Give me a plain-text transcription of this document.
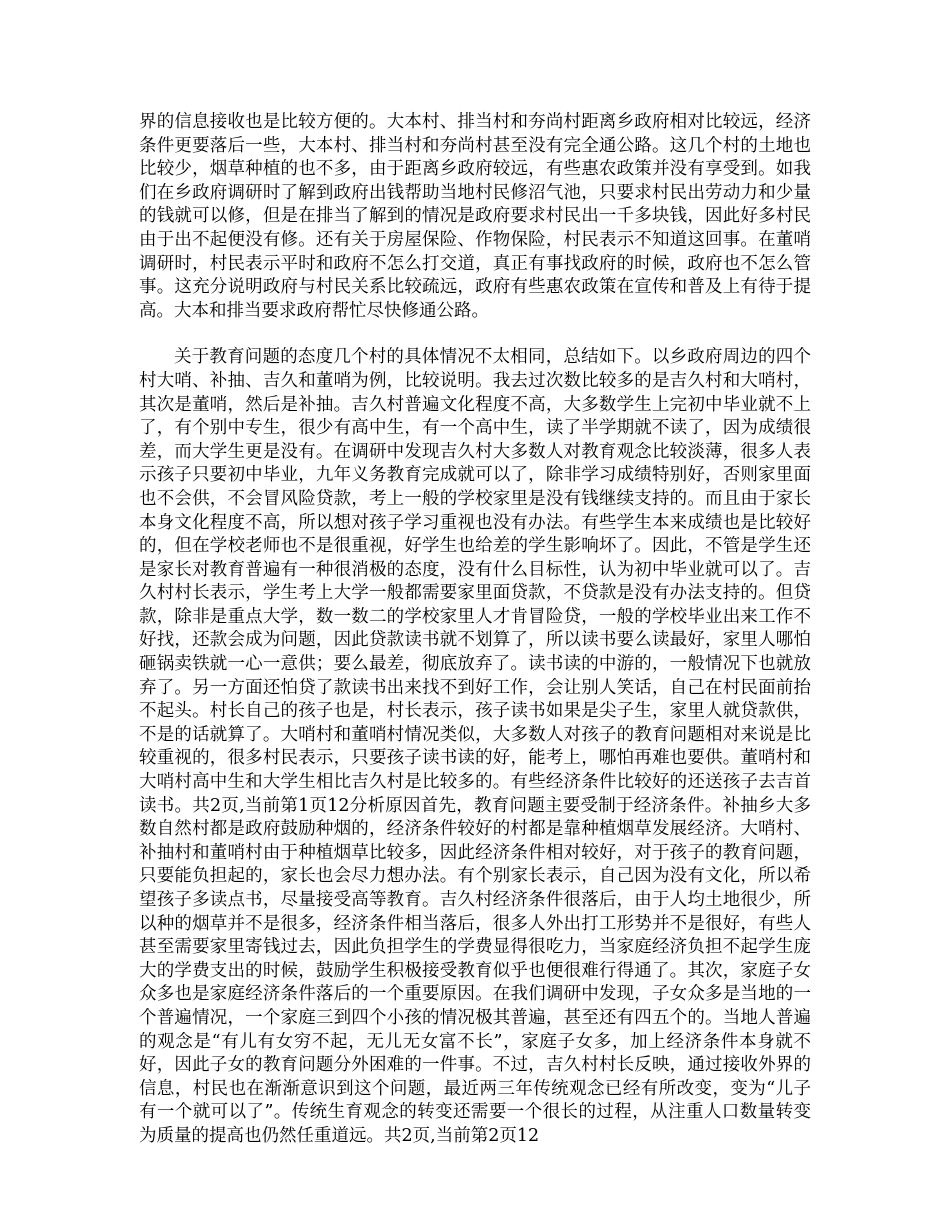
界的信息接收也是比较方便的。大本村、排当村和夯尚村距离乡政府相对比较远，经济条件更要落后一些，大本村、排当村和夯尚村甚至没有完全通公路。这几个村的土地也比较少，烟草种植的也不多，由于距离乡政府较远，有些惠农政策并没有享受到。如我们在乡政府调研时了解到政府出钱帮助当地村民修沼气池，只要求村民出劳动力和少量的钱就可以修，但是在排当了解到的情况是政府要求村民出一千多块钱，因此好多村民由于出不起便没有修。还有关于房屋保险、作物保险，村民表示不知道这回事。在董哨调研时，村民表示平时和政府不怎么打交道，真正有事找政府的时候，政府也不怎么管事。这充分说明政府与村民关系比较疏远，政府有些惠农政策在宣传和普及上有待于提高。大本和排当要求政府帮忙尽快修通公路。

关于教育问题的态度几个村的具体情况不太相同，总结如下。以乡政府周边的四个村大哨、补抽、吉久和董哨为例，比较说明。我去过次数比较多的是吉久村和大哨村，其次是董哨，然后是补抽。吉久村普遍文化程度不高，大多数学生上完初中毕业就不上了，有个别中专生，很少有高中生，有一个高中生，读了半学期就不读了，因为成绩很差，而大学生更是没有。在调研中发现吉久村大多数人对教育观念比较淡薄，很多人表示孩子只要初中毕业，九年义务教育完成就可以了，除非学习成绩特别好，否则家里面也不会供，不会冒风险贷款，考上一般的学校家里是没有钱继续支持的。而且由于家长本身文化程度不高，所以想对孩子学习重视也没有办法。有些学生本来成绩也是比较好的，但在学校老师也不是很重视，好学生也给差的学生影响坏了。因此，不管是学生还是家长对教育普遍有一种很消极的态度，没有什么目标性，认为初中毕业就可以了。吉久村村长表示，学生考上大学一般都需要家里面贷款，不贷款是没有办法支持的。但贷款，除非是重点大学，数一数二的学校家里人才肯冒险贷，一般的学校毕业出来工作不好找，还款会成为问题，因此贷款读书就不划算了，所以读书要么读最好，家里人哪怕砸锅卖铁就一心一意供；要么最差，彻底放弃了。读书读的中游的，一般情况下也就放弃了。另一方面还怕贷了款读书出来找不到好工作，会让别人笑话，自己在村民面前抬不起头。村长自己的孩子也是，村长表示，孩子读书如果是尖子生，家里人就贷款供，不是的话就算了。大哨村和董哨村情况类似，大多数人对孩子的教育问题相对来说是比较重视的，很多村民表示，只要孩子读书读的好，能考上，哪怕再难也要供。董哨村和大哨村高中生和大学生相比吉久村是比较多的。有些经济条件比较好的还送孩子去吉首读书。共2页,当前第1页12分析原因首先，教育问题主要受制于经济条件。补抽乡大多数自然村都是政府鼓励种烟的，经济条件较好的村都是靠种植烟草发展经济。大哨村、补抽村和董哨村由于种植烟草比较多，因此经济条件相对较好，对于孩子的教育问题，只要能负担起的，家长也会尽力想办法。有个别家长表示，自己因为没有文化，所以希望孩子多读点书，尽量接受高等教育。吉久村经济条件很落后，由于人均土地很少，所以种的烟草并不是很多，经济条件相当落后，很多人外出打工形势并不是很好，有些人甚至需要家里寄钱过去，因此负担学生的学费显得很吃力，当家庭经济负担不起学生庞大的学费支出的时候，鼓励学生积极接受教育似乎也便很难行得通了。其次，家庭子女众多也是家庭经济条件落后的一个重要原因。在我们调研中发现，子女众多是当地的一个普遍情况，一个家庭三到四个小孩的情况极其普遍，甚至还有四五个的。当地人普遍的观念是“有儿有女穷不起，无儿无女富不长”，家庭子女多，加上经济条件本身就不好，因此子女的教育问题分外困难的一件事。不过，吉久村村长反映，通过接收外界的信息，村民也在渐渐意识到这个问题，最近两三年传统观念已经有所改变，变为“儿子有一个就可以了”。传统生育观念的转变还需要一个很长的过程，从注重人口数量转变为质量的提高也仍然任重道远。共2页,当前第2页12
